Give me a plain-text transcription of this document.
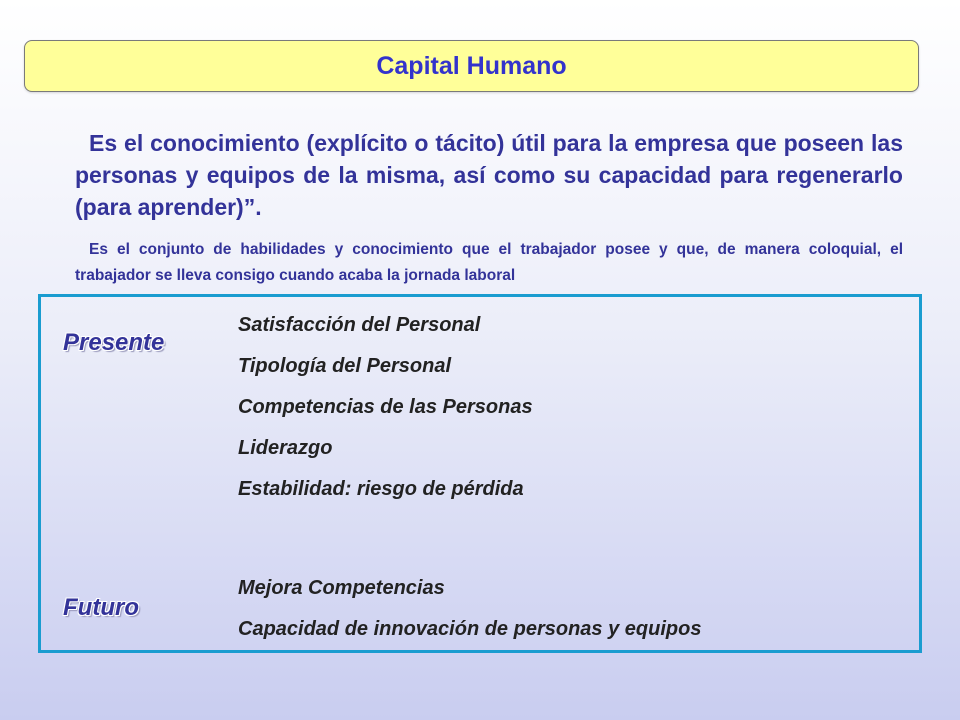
Capital Humano

Es el conocimiento (explícito o tácito) útil para la empresa que poseen las personas y equipos de la misma, así como su capacidad para regenerarlo (para aprender)”.

Es el conjunto de habilidades y conocimiento que el trabajador posee y que, de manera coloquial, el trabajador se lleva consigo cuando acaba la jornada laboral

Presente
Satisfacción del Personal
Tipología del Personal
Competencias de las Personas
Liderazgo
Estabilidad: riesgo de pérdida
Futuro
Mejora Competencias
Capacidad de innovación de personas y equipos
